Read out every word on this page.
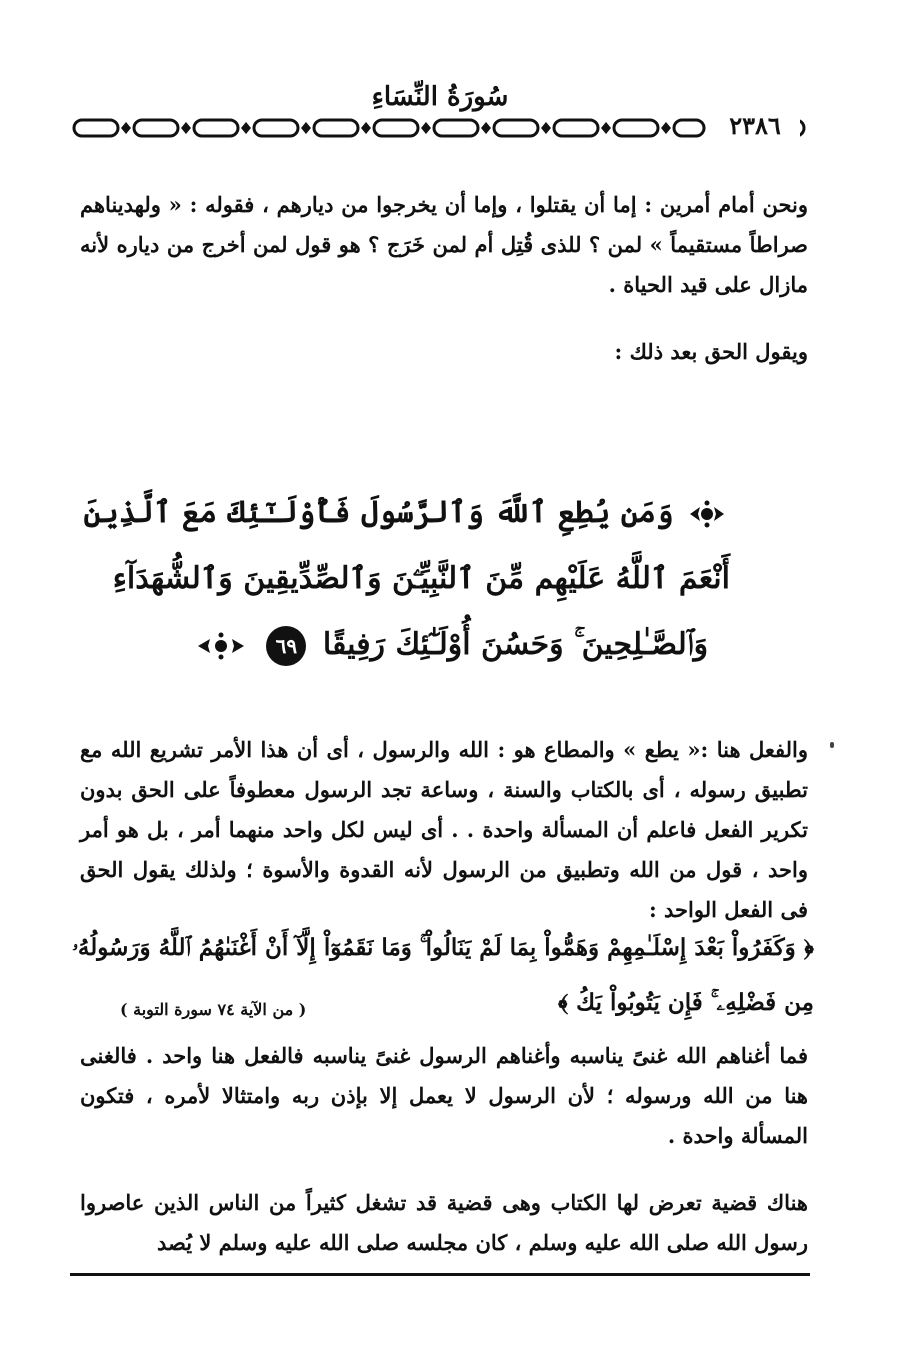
سُورَةُ النِّسَاءِ
٢٣٨٦
ونحن أمام أمرين : إما أن يقتلوا ، وإما أن يخرجوا من ديارهم ، فقوله : « ولهديناهم صراطاً مستقيماً » لمن ؟ للذى قُتِل أم لمن خَرَج ؟ هو قول لمن أخرج من دياره لأنه مازال على قيد الحياة .
ويقول الحق بعد ذلك :
وَمَن يُطِعِ ٱللَّهَ وَٱلرَّسُولَ فَأُوْلَـٰٓئِكَ مَعَ ٱلَّذِينَ
أَنْعَمَ ٱللَّهُ عَلَيْهِم مِّنَ ٱلنَّبِيِّـۧنَ وَٱلصِّدِّيقِينَ وَٱلشُّهَدَآءِ
وَٱلصَّـٰلِحِينَ ۚ وَحَسُنَ أُوْلَـٰٓئِكَ رَفِيقًا ٦٩
والفعل هنا :« يطع » والمطاع هو : الله والرسول ، أى أن هذا الأمر تشريع الله مع تطبيق رسوله ، أى بالكتاب والسنة ، وساعة تجد الرسول معطوفاً على الحق بدون تكرير الفعل فاعلم أن المسألة واحدة . . أى ليس لكل واحد منهما أمر ، بل هو أمر واحد ، قول من الله وتطبيق من الرسول لأنه القدوة والأسوة ؛ ولذلك يقول الحق فى الفعل الواحد :
﴿ وَكَفَرُواْ بَعْدَ إِسْلَـٰمِهِمْ وَهَمُّواْ بِمَا لَمْ يَنَالُواْ ۚ وَمَا نَقَمُوٓاْ إِلَّآ أَنْ أَغْنَىٰهُمُ ٱللَّهُ وَرَسُولُهُۥ
مِن فَضْلِهِۦ ۚ فَإِن يَتُوبُواْ يَكُ ﴾
( من الآية ٧٤ سورة التوبة )
فما أغناهم الله غنىً يناسبه وأغناهم الرسول غنىً يناسبه فالفعل هنا واحد . فالغنى هنا من الله ورسوله ؛ لأن الرسول لا يعمل إلا بإذن ربه وامتثالا لأمره ، فتكون المسألة واحدة .
هناك قضية تعرض لها الكتاب وهى قضية قد تشغل كثيراً من الناس الذين عاصروا رسول الله صلى الله عليه وسلم ، كان مجلسه صلى الله عليه وسلم لا يُصد
